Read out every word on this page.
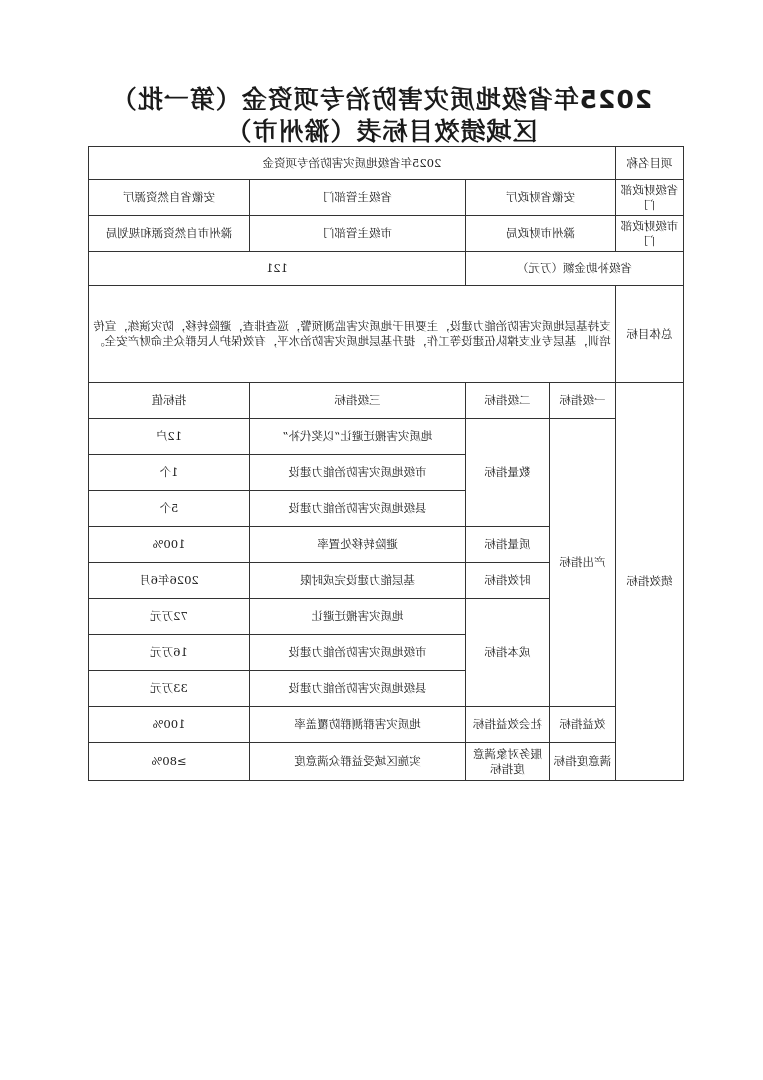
2025年省级地质灾害防治专项资金（第一批）
区域绩效目标表（滁州市）
项目名称	2025年省级地质灾害防治专项资金			
省级财政部门	安徽省财政厅		省级主管部门	安徽省自然资源厅
市级财政部门	滁州市财政局		市级主管部门	滁州市自然资源和规划局
省级补助金额（万元）			121	
总体目标	支持基层地质灾害防治能力建设，主要用于地质灾害监测预警，巡查排查，避险转移，防灾演练，宣传培训，基层专业支撑队伍建设等工作，提升基层地质灾害防治水平，有效保护人民群众生命财产安全。			
绩效指标	一级指标	二级指标	三级指标	指标值
	产出指标	数量指标	地质灾害搬迁避让“以奖代补”	12户
			市级地质灾害防治能力建设	1个
			县级地质灾害防治能力建设	5个
		质量指标	避险转移处置率	100%
		时效指标	基层能力建设完成时限	2026年6月
		成本指标	地质灾害搬迁避让	72万元
			市级地质灾害防治能力建设	16万元
			县级地质灾害防治能力建设	33万元
	效益指标	社会效益指标	地质灾害群测群防覆盖率	100%
	满意度指标	服务对象满意度指标	实施区域受益群众满意度	≥80%
